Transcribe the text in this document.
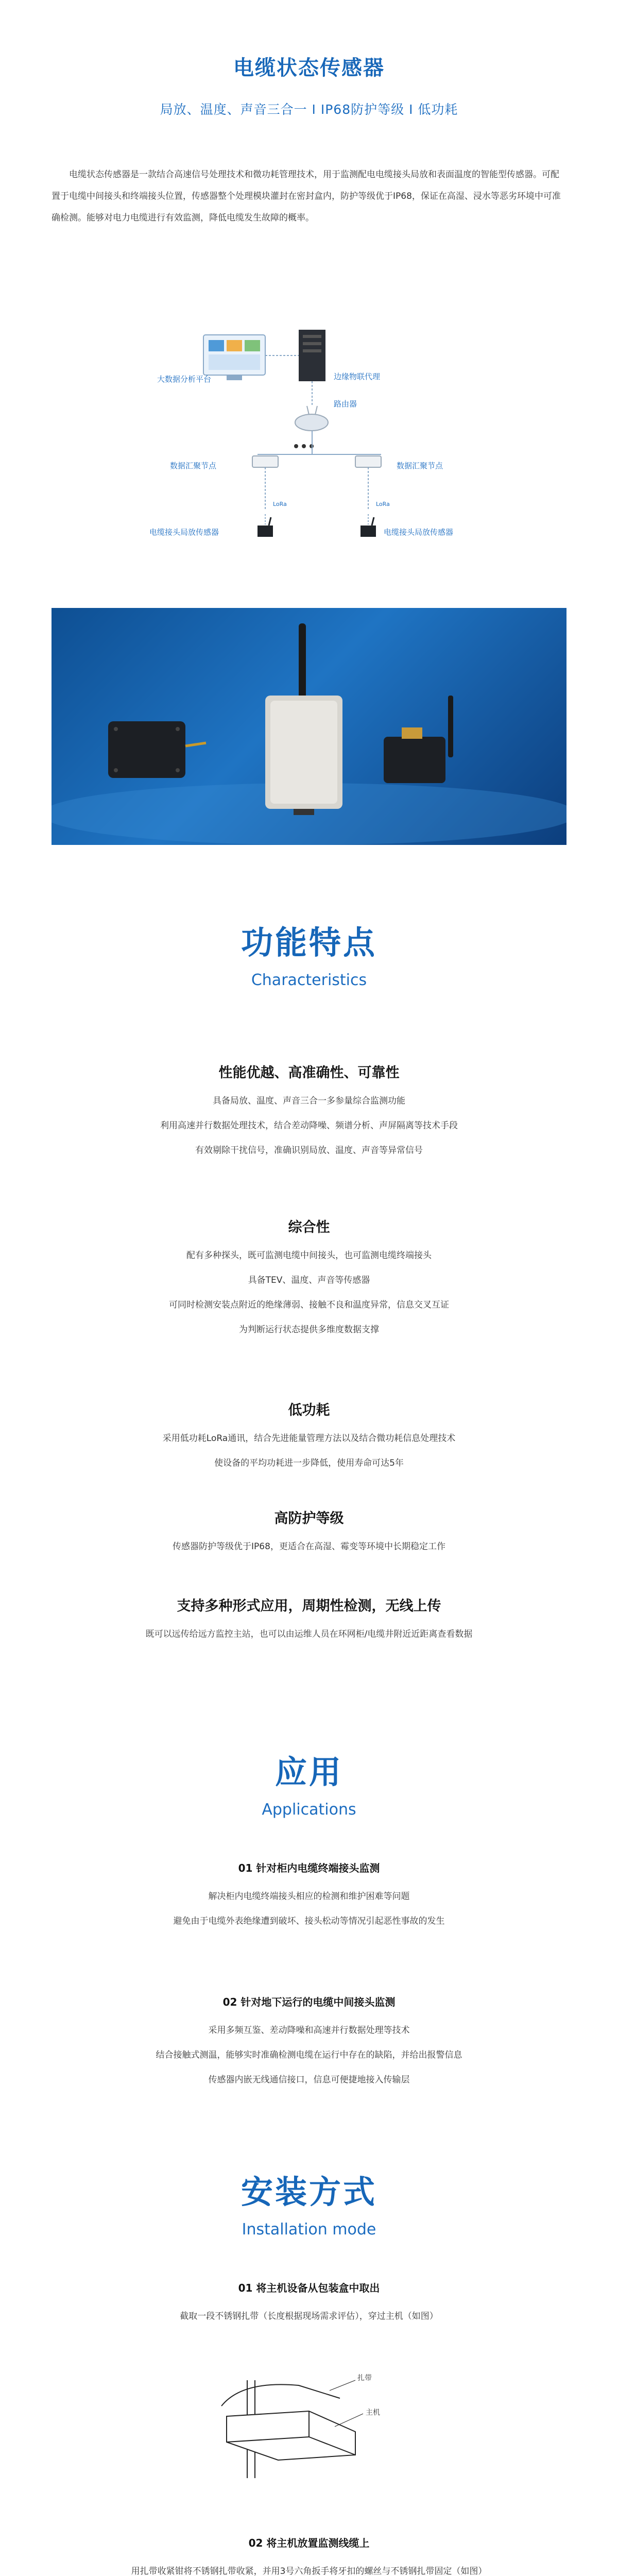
电缆状态传感器
局放、温度、声音三合一 I IP68防护等级 I 低功耗

电缆状态传感器是一款结合高速信号处理技术和微功耗管理技术，用于监测配电电缆接头局放和表面温度的智能型传感器。可配置于电缆中间接头和终端接头位置，传感器整个处理模块灌封在密封盒内，防护等级优于IP68，保证在高湿、浸水等恶劣环境中可准确检测。能够对电力电缆进行有效监测，降低电缆发生故障的概率。

大数据分析平台	边缘物联代理
路由器
数据汇聚节点	数据汇聚节点
LoRa	LoRa
电缆接头局放传感器	电缆接头局放传感器
功能特点
Characteristics
性能优越、高准确性、可靠性
具备局放、温度、声音三合一多参量综合监测功能
利用高速并行数据处理技术，结合差动降噪、频谱分析、声屏隔离等技术手段
有效剔除干扰信号，准确识别局放、温度、声音等异常信号
综合性
配有多种探头，既可监测电缆中间接头，也可监测电缆终端接头
具备TEV、温度、声音等传感器
可同时检测安装点附近的绝缘薄弱、接触不良和温度异常，信息交叉互证
为判断运行状态提供多维度数据支撑
低功耗
采用低功耗LoRa通讯，结合先进能量管理方法以及结合微功耗信息处理技术
使设备的平均功耗进一步降低，使用寿命可达5年
高防护等级
传感器防护等级优于IP68，更适合在高湿、霉变等环境中长期稳定工作
支持多种形式应用，周期性检测，无线上传
既可以远传给远方监控主站，也可以由运维人员在环网柜/电缆井附近近距离查看数据
应用
Applications
01 针对柜内电缆终端接头监测
解决柜内电缆终端接头相应的检测和维护困难等问题
避免由于电缆外表绝缘遭到破坏、接头松动等情况引起恶性事故的发生
02 针对地下运行的电缆中间接头监测
采用多频互鉴、差动降噪和高速并行数据处理等技术
结合接触式测温，能够实时准确检测电缆在运行中存在的缺陷，并给出报警信息
传感器内嵌无线通信接口，信息可便捷地接入传输层
安装方式
Installation mode
01 将主机设备从包装盒中取出
截取一段不锈钢扎带（长度根据现场需求评估），穿过主机（如图）
扎带
主机
02 将主机放置监测线缆上
用扎带收紧钳将不锈钢扎带收紧，并用3号六角扳手将牙扣的螺丝与不锈钢扎带固定（如图）
